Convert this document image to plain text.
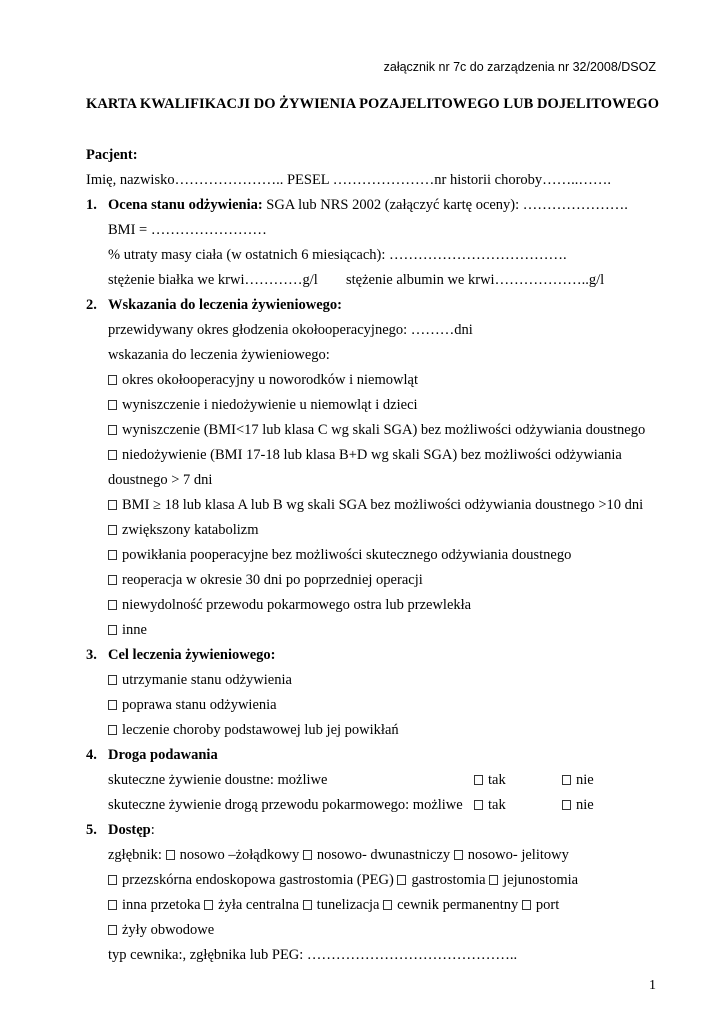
załącznik nr 7c do zarządzenia nr 32/2008/DSOZ
KARTA KWALIFIKACJI DO ŻYWIENIA POZAJELITOWEGO LUB DOJELITOWEGO
Pacjent:
Imię, nazwisko………………….. PESEL …………………nr historii choroby……..…….
1. Ocena stanu odżywienia: SGA lub NRS 2002 (załączyć kartę oceny): ………………….
BMI = ……………………
% utraty masy ciała (w ostatnich 6 miesiącach): ……………………………….
stężenie białka we krwi…………g/l stężenie albumin we krwi………………..g/l
2. Wskazania do leczenia żywieniowego:
przewidywany okres głodzenia okołooperacyjnego: ………dni
wskazania do leczenia żywieniowego:
okres okołooperacyjny u noworodków i niemowląt
wyniszczenie i niedożywienie u niemowląt i dzieci
wyniszczenie (BMI<17 lub klasa C wg skali SGA) bez możliwości odżywiania doustnego
niedożywienie (BMI 17-18 lub klasa B+D wg skali SGA) bez możliwości odżywiania
doustnego > 7 dni
BMI ≥ 18 lub klasa A lub B wg skali SGA bez możliwości odżywiania doustnego >10 dni
zwiększony katabolizm
powikłania pooperacyjne bez możliwości skutecznego odżywiania doustnego
reoperacja w okresie 30 dni po poprzedniej operacji
niewydolność przewodu pokarmowego ostra lub przewlekła
inne
3. Cel leczenia żywieniowego:
utrzymanie stanu odżywienia
poprawa stanu odżywienia
leczenie choroby podstawowej lub jej powikłań
4. Droga podawania
skuteczne żywienie doustne: możliwe	tak	nie
skuteczne żywienie drogą przewodu pokarmowego: możliwe	tak	nie
5. Dostęp:
zgłębnik: nosowo –żołądkowy nosowo- dwunastniczy nosowo- jelitowy
przezskórna endoskopowa gastrostomia (PEG) gastrostomia jejunostomia
inna przetoka żyła centralna tunelizacja cewnik permanentny port
żyły obwodowe
typ cewnika:, zgłębnika lub PEG: ……………………………………..
1
